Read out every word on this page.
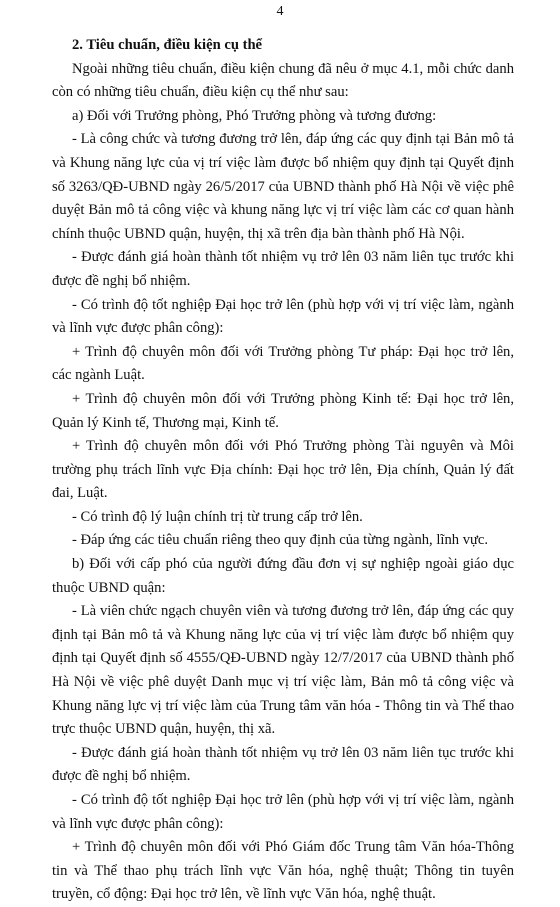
4

2. Tiêu chuẩn, điều kiện cụ thể

Ngoài những tiêu chuẩn, điều kiện chung đã nêu ở mục 4.1, mỗi chức danh còn có những tiêu chuẩn, điều kiện cụ thể như sau:

a) Đối với Trưởng phòng, Phó Trưởng phòng và tương đương:

- Là công chức và tương đương trở lên, đáp ứng các quy định tại Bản mô tả và Khung năng lực của vị trí việc làm được bổ nhiệm quy định tại Quyết định số 3263/QĐ-UBND ngày 26/5/2017 của UBND thành phố Hà Nội về việc phê duyệt Bản mô tả công việc và khung năng lực vị trí việc làm các cơ quan hành chính thuộc UBND quận, huyện, thị xã trên địa bàn thành phố Hà Nội.

- Được đánh giá hoàn thành tốt nhiệm vụ trở lên 03 năm liên tục trước khi được đề nghị bổ nhiệm.

- Có trình độ tốt nghiệp Đại học trở lên (phù hợp với vị trí việc làm, ngành và lĩnh vực được phân công):

+ Trình độ chuyên môn đối với Trưởng phòng Tư pháp: Đại học trở lên, các ngành Luật.

+ Trình độ chuyên môn đối với Trưởng phòng Kinh tế: Đại học trở lên, Quản lý Kinh tế, Thương mại, Kinh tế.

+ Trình độ chuyên môn đối với Phó Trưởng phòng Tài nguyên và Môi trường phụ trách lĩnh vực Địa chính: Đại học trở lên, Địa chính, Quản lý đất đai, Luật.

- Có trình độ lý luận chính trị từ trung cấp trở lên.

- Đáp ứng các tiêu chuẩn riêng theo quy định của từng ngành, lĩnh vực.

b) Đối với cấp phó của người đứng đầu đơn vị sự nghiệp ngoài giáo dục thuộc UBND quận:

- Là viên chức ngạch chuyên viên và tương đương trở lên, đáp ứng các quy định tại Bản mô tả và Khung năng lực của vị trí việc làm được bổ nhiệm quy định tại Quyết định số 4555/QĐ-UBND ngày 12/7/2017 của UBND thành phố Hà Nội về việc phê duyệt Danh mục vị trí việc làm, Bản mô tả công việc và Khung năng lực vị trí việc làm của Trung tâm văn hóa - Thông tin và Thể thao trực thuộc UBND quận, huyện, thị xã.

- Được đánh giá hoàn thành tốt nhiệm vụ trở lên 03 năm liên tục trước khi được đề nghị bổ nhiệm.

- Có trình độ tốt nghiệp Đại học trở lên (phù hợp với vị trí việc làm, ngành và lĩnh vực được phân công):

+ Trình độ chuyên môn đối với Phó Giám đốc Trung tâm Văn hóa-Thông tin và Thể thao phụ trách lĩnh vực Văn hóa, nghệ thuật; Thông tin tuyên truyền, cổ động: Đại học trở lên, về lĩnh vực Văn hóa, nghệ thuật.
